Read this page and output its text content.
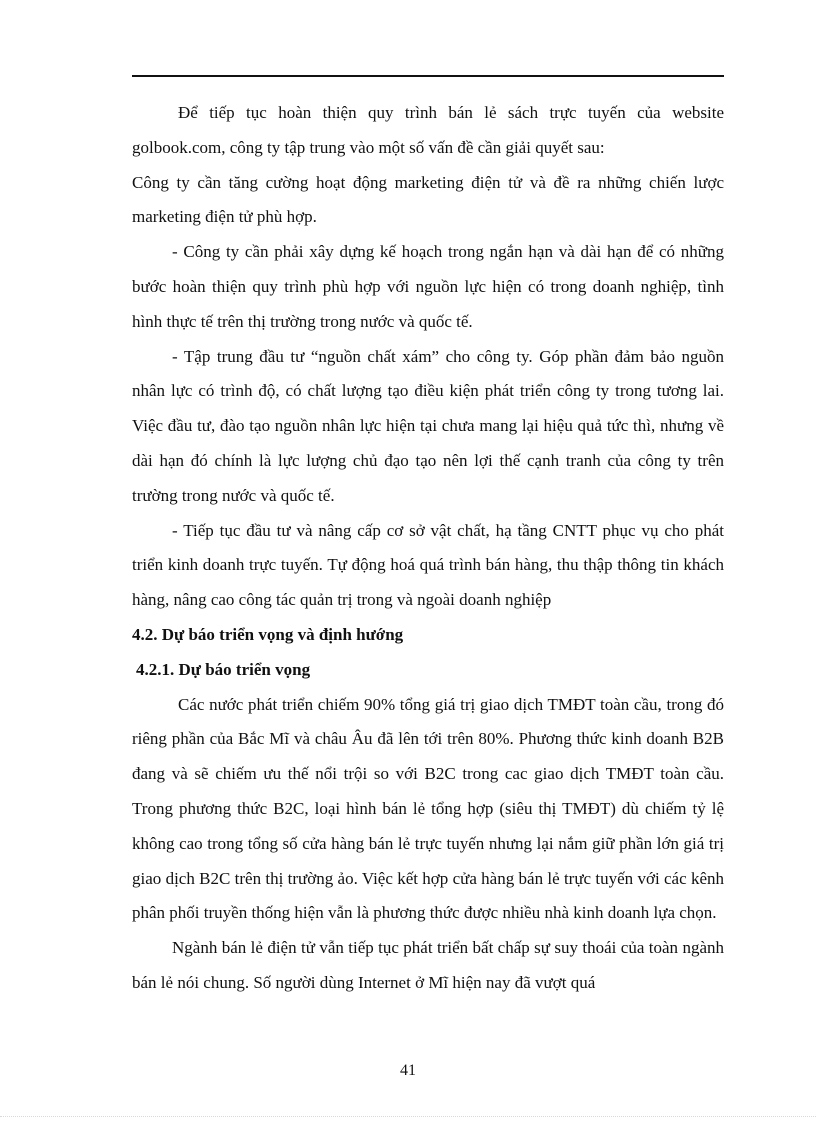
Để tiếp tục hoàn thiện quy trình bán lẻ sách trực tuyến của website golbook.com, công ty tập trung vào một số vấn đề cần giải quyết sau:

Công ty cần tăng cường hoạt động marketing điện tử và đề ra những chiến lược marketing điện tử phù hợp.

- Công ty cần phải xây dựng kế hoạch trong ngắn hạn và dài hạn để có những bước hoàn thiện quy trình phù hợp với nguồn lực hiện có trong doanh nghiệp, tình hình thực tế trên thị trường trong nước và quốc tế.

- Tập trung đầu tư “nguồn chất xám” cho công ty. Góp phần đảm bảo nguồn nhân lực có trình độ, có chất lượng tạo điều kiện phát triển công ty trong tương lai. Việc đầu tư, đào tạo nguồn nhân lực hiện tại chưa mang lại hiệu quả tức thì, nhưng về dài hạn đó chính là lực lượng chủ đạo tạo nên lợi thế cạnh tranh của công ty trên trường trong nước và quốc tế.

- Tiếp tục đầu tư và nâng cấp cơ sở vật chất, hạ tầng CNTT phục vụ cho phát triển kinh doanh trực tuyến. Tự động hoá quá trình bán hàng, thu thập thông tin khách hàng, nâng cao công tác quản trị trong và ngoài doanh nghiệp

4.2. Dự báo triển vọng và định hướng

4.2.1. Dự báo triển vọng

Các nước phát triển chiếm 90% tổng giá trị giao dịch TMĐT toàn cầu, trong đó riêng phần của Bắc Mĩ và châu Âu đã lên tới trên 80%. Phương thức kinh doanh B2B đang và sẽ chiếm ưu thế nổi trội so với B2C trong cac giao dịch TMĐT toàn cầu. Trong phương thức B2C, loại hình bán lẻ tổng hợp (siêu thị TMĐT) dù chiếm tỷ lệ không cao trong tổng số cửa hàng bán lẻ trực tuyến nhưng lại nắm giữ phần lớn giá trị giao dịch B2C trên thị trường ảo. Việc kết hợp cửa hàng bán lẻ trực tuyến với các kênh phân phối truyền thống hiện vẫn là phương thức được nhiều nhà kinh doanh lựa chọn.

Ngành bán lẻ điện tử vẫn tiếp tục phát triển bất chấp sự suy thoái của toàn ngành bán lẻ nói chung. Số người dùng Internet ở Mĩ hiện nay đã vượt quá

41
